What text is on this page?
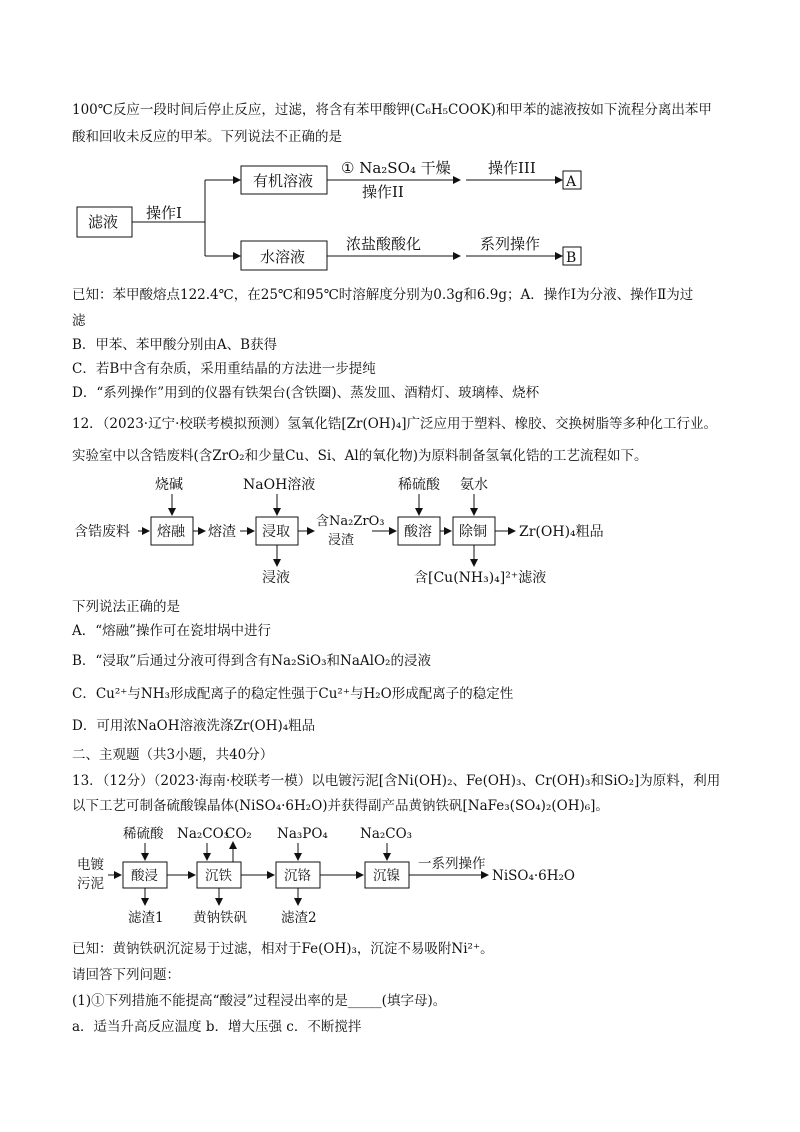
100℃反应一段时间后停止反应，过滤，将含有苯甲酸钾(C₆H₅COOK)和甲苯的滤液按如下流程分离出苯甲
酸和回收未反应的甲苯。下列说法不正确的是
滤液 操作I
有机溶液
水溶液
① Na₂SO₄ 干燥
操作II
操作III
浓盐酸酸化	系列操作
A
B
已知：苯甲酸熔点122.4℃，在25℃和95℃时溶解度分别为0.3g和6.9g；A．操作Ⅰ为分液、操作Ⅱ为过
滤
B．甲苯、苯甲酸分别由A、B获得
C．若B中含有杂质，采用重结晶的方法进一步提纯
D．“系列操作”用到的仪器有铁架台(含铁圈)、蒸发皿、酒精灯、玻璃棒、烧杯
12．（2023·辽宁·校联考模拟预测）氢氧化锆[Zr(OH)₄]广泛应用于塑料、橡胶、交换树脂等多种化工行业。
实验室中以含锆废料(含ZrO₂和少量Cu、Si、Al的氧化物)为原料制备氢氧化锆的工艺流程如下。
烧碱	NaOH溶液	稀硫酸 氨水
含锆废料 熔融 熔渣 浸取
含Na₂ZrO₃
浸渣
酸溶 除铜 Zr(OH)₄粗品
浸液	含[Cu(NH₃)₄]²⁺滤液
下列说法正确的是
A．“熔融”操作可在瓷坩埚中进行
B．“浸取”后通过分液可得到含有Na₂SiO₃和NaAlO₂的浸液
C．Cu²⁺与NH₃形成配离子的稳定性强于Cu²⁺与H₂O形成配离子的稳定性
D．可用浓NaOH溶液洗涤Zr(OH)₄粗品
二、主观题（共3小题，共40分）
13．（12分）（2023·海南·校联考一模）以电镀污泥[含Ni(OH)₂、Fe(OH)₃、Cr(OH)₃和SiO₂]为原料，利用
以下工艺可制备硫酸镍晶体(NiSO₄·6H₂O)并获得副产品黄钠铁矾[NaFe₃(SO₄)₂(OH)₆]。
稀硫酸 Na₂CO₃
CO₂ Na₃PO₄ Na₂CO₃
电镀
污泥 酸浸	沉铁	沉铬	沉镍
一系列操作
NiSO₄·6H₂O
滤渣1 黄钠铁矾	滤渣2
已知：黄钠铁矾沉淀易于过滤，相对于Fe(OH)₃，沉淀不易吸附Ni²⁺。
请回答下列问题：
(1)①下列措施不能提高“酸浸”过程浸出率的是_____(填字母)。
a．适当升高反应温度 b．增大压强 c．不断搅拌
